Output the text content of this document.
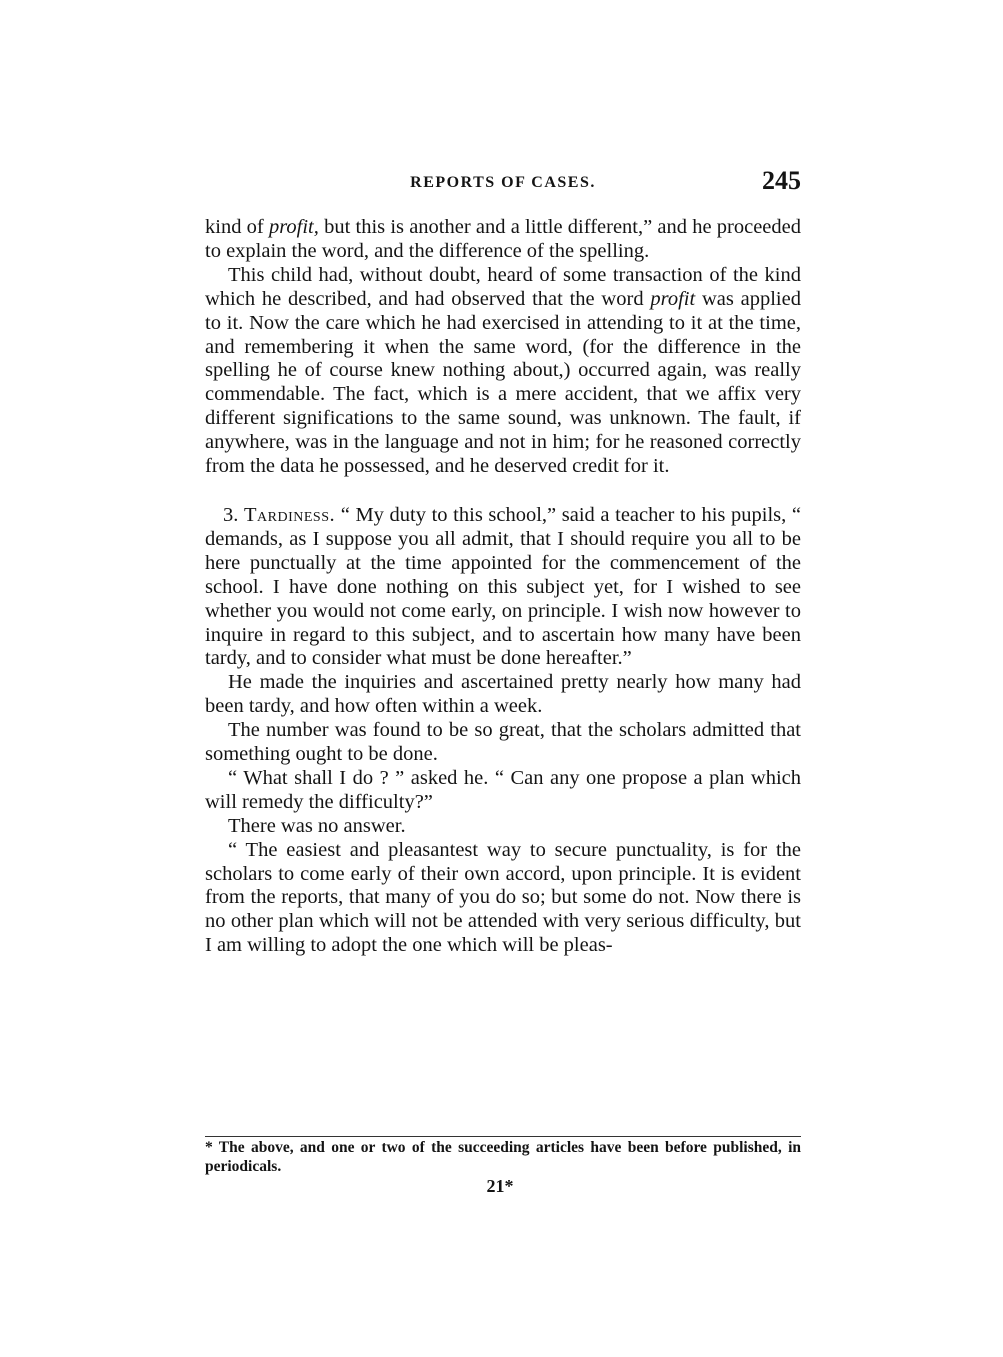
REPORTS OF CASES.	245

kind of profit, but this is another and a little different,” and he proceeded to explain the word, and the difference of the spelling.

This child had, without doubt, heard of some transaction of the kind which he described, and had observed that the word profit was applied to it. Now the care which he had exercised in attending to it at the time, and remembering it when the same word, (for the difference in the spelling he of course knew nothing about,) occurred again, was really commendable. The fact, which is a mere accident, that we affix very different significations to the same sound, was unknown. The fault, if anywhere, was in the language and not in him; for he reasoned correctly from the data he possessed, and he deserved credit for it.

3. Tardiness. “ My duty to this school,” said a teacher to his pupils, “ demands, as I suppose you all admit, that I should require you all to be here punctually at the time appointed for the commencement of the school. I have done nothing on this subject yet, for I wished to see whether you would not come early, on principle. I wish now however to inquire in regard to this subject, and to ascertain how many have been tardy, and to consider what must be done hereafter.”

He made the inquiries and ascertained pretty nearly how many had been tardy, and how often within a week.

The number was found to be so great, that the scholars admitted that something ought to be done.

“ What shall I do ? ” asked he. “ Can any one propose a plan which will remedy the difficulty?”

There was no answer.

“ The easiest and pleasantest way to secure punctuality, is for the scholars to come early of their own accord, upon principle. It is evident from the reports, that many of you do so; but some do not. Now there is no other plan which will not be attended with very serious difficulty, but I am willing to adopt the one which will be pleas-

* The above, and one or two of the succeeding articles have been before published, in periodicals.
21*
